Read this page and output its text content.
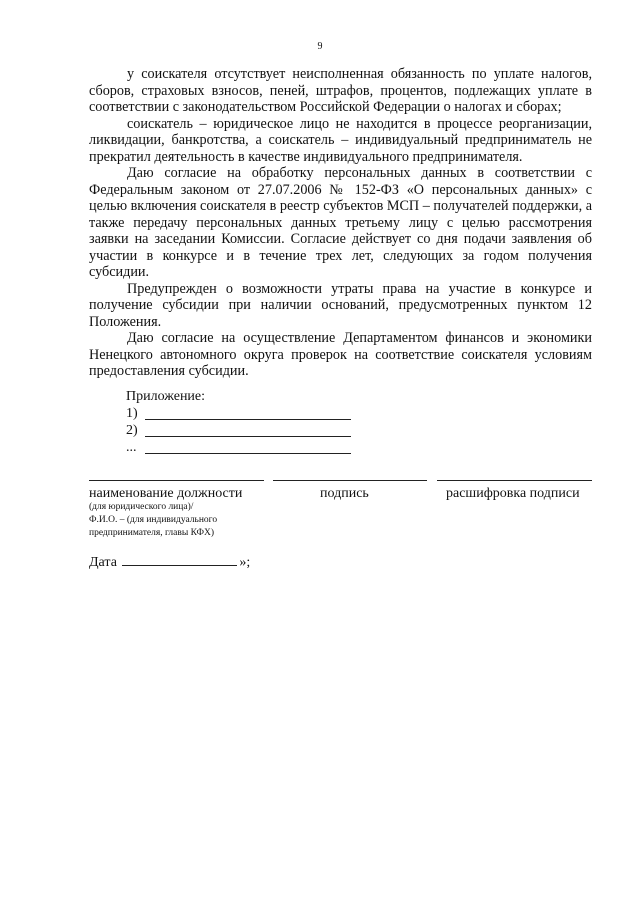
9

у соискателя отсутствует неисполненная обязанность по уплате налогов, сборов, страховых взносов, пеней, штрафов, процентов, подлежащих уплате в соответствии с законодательством Российской Федерации о налогах и сборах;

соискатель – юридическое лицо не находится в процессе реорганизации, ликвидации, банкротства, а соискатель – индивидуальный предприниматель не прекратил деятельность в качестве индивидуального предпринимателя.

Даю согласие на обработку персональных данных в соответствии с Федеральным законом от 27.07.2006 № 152-ФЗ «О персональных данных» с целью включения соискателя в реестр субъектов МСП – получателей поддержки, а также передачу персональных данных третьему лицу с целью рассмотрения заявки на заседании Комиссии. Согласие действует со дня подачи заявления об участии в конкурсе и в течение трех лет, следующих за годом получения субсидии.

Предупрежден о возможности утраты права на участие в конкурсе и получение субсидии при наличии оснований, предусмотренных пунктом 12 Положения.

Даю согласие на осуществление Департаментом финансов и экономики Ненецкого автономного округа проверок на соответствие соискателя условиям предоставления субсидии.

Приложение:
1)
2)
...
наименование должности	подпись	расшифровка подписи
(для юридического лица)/
Ф.И.О. – (для индивидуального
предпринимателя, главы КФХ)
Дата	»;
